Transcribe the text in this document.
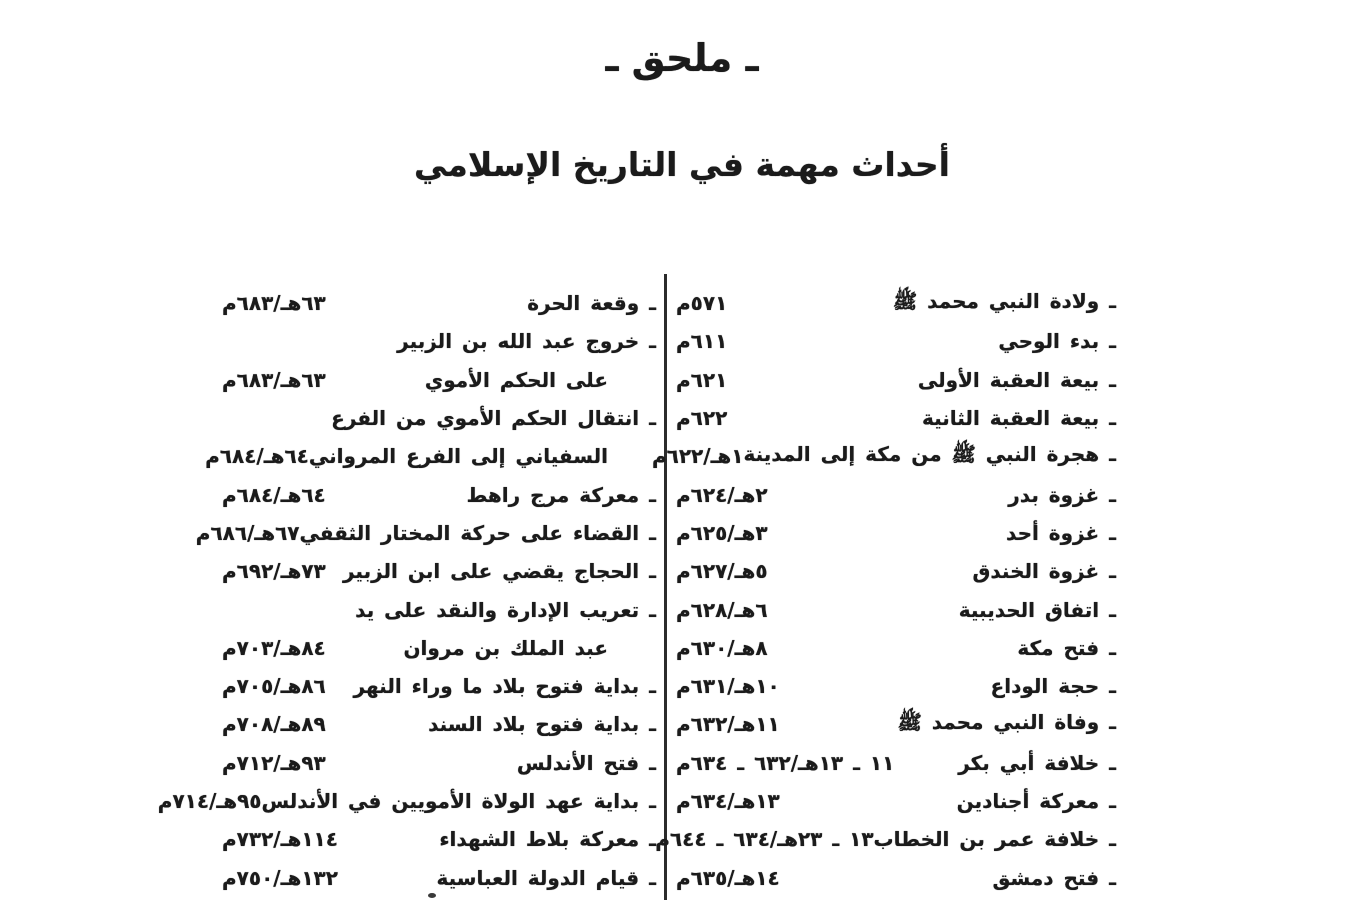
ـ ملحق ـ
أحداث مهمة في التاريخ الإسلامي
ـولادة النبي محمد ﷺ
٥٧١م
ـبدء الوحي
٦١١م
ـبيعة العقبة الأولى
٦٢١م
ـبيعة العقبة الثانية
٦٢٢م
ـهجرة النبي ﷺ من مكة إلى المدينة
١هـ/٦٢٢م
ـغزوة بدر
٢هـ/٦٢٤م
ـغزوة أحد
٣هـ/٦٢٥م
ـغزوة الخندق
٥هـ/٦٢٧م
ـاتفاق الحديبية
٦هـ/٦٢٨م
ـفتح مكة
٨هـ/٦٣٠م
ـحجة الوداع
١٠هـ/٦٣١م
ـوفاة النبي محمد ﷺ
١١هـ/٦٣٢م
ـخلافة أبي بكر
١١ ـ ١٣هـ/٦٣٢ ـ ٦٣٤م
ـمعركة أجنادين
١٣هـ/٦٣٤م
ـخلافة عمر بن الخطاب
١٣ ـ ٢٣هـ/٦٣٤ ـ ٦٤٤م
ـفتح دمشق
١٤هـ/٦٣٥م
ـوقعة الحرة
٦٣هـ/٦٨٣م
ـخروج عبد الله بن الزبير
على الحكم الأموي
٦٣هـ/٦٨٣م
ـانتقال الحكم الأموي من الفرع
السفياني إلى الفرع المرواني
٦٤هـ/٦٨٤م
ـمعركة مرج راهط
٦٤هـ/٦٨٤م
ـالقضاء على حركة المختار الثقفي
٦٧هـ/٦٨٦م
ـالحجاج يقضي على ابن الزبير
٧٣هـ/٦٩٢م
ـتعريب الإدارة والنقد على يد
عبد الملك بن مروان
٨٤هـ/٧٠٣م
ـبداية فتوح بلاد ما وراء النهر
٨٦هـ/٧٠٥م
ـبداية فتوح بلاد السند
٨٩هـ/٧٠٨م
ـفتح الأندلس
٩٣هـ/٧١٢م
ـبداية عهد الولاة الأمويين في الأندلس
٩٥هـ/٧١٤م
ـمعركة بلاط الشهداء
١١٤هـ/٧٣٢م
ـقيام الدولة العباسية
١٣٢هـ/٧٥٠م
